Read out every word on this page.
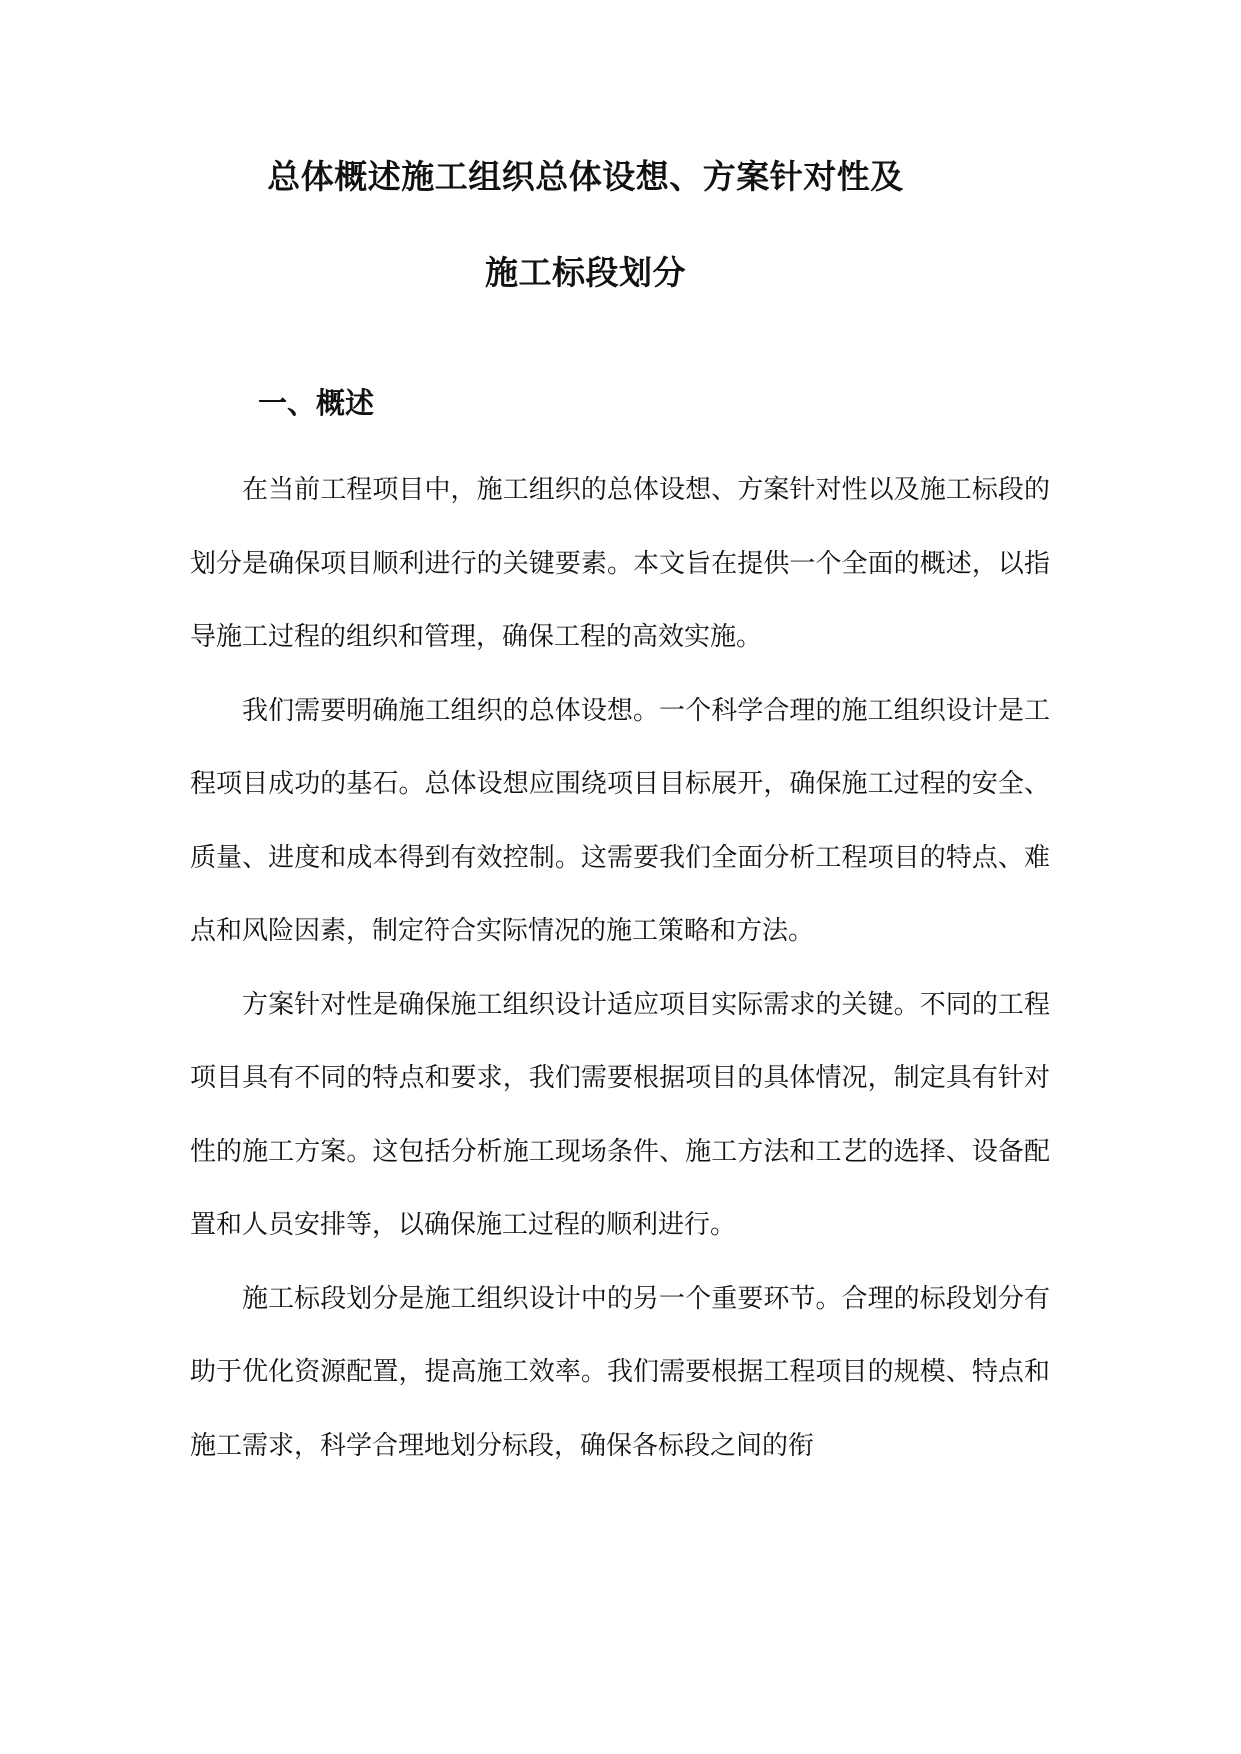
总体概述施工组织总体设想、方案针对性及
施工标段划分
一、概述

在当前工程项目中，施工组织的总体设想、方案针对性以及施工标段的划分是确保项目顺利进行的关键要素。本文旨在提供一个全面的概述，以指导施工过程的组织和管理，确保工程的高效实施。

我们需要明确施工组织的总体设想。一个科学合理的施工组织设计是工程项目成功的基石。总体设想应围绕项目目标展开，确保施工过程的安全、质量、进度和成本得到有效控制。这需要我们全面分析工程项目的特点、难点和风险因素，制定符合实际情况的施工策略和方法。

方案针对性是确保施工组织设计适应项目实际需求的关键。不同的工程项目具有不同的特点和要求，我们需要根据项目的具体情况，制定具有针对性的施工方案。这包括分析施工现场条件、施工方法和工艺的选择、设备配置和人员安排等，以确保施工过程的顺利进行。

施工标段划分是施工组织设计中的另一个重要环节。合理的标段划分有助于优化资源配置，提高施工效率。我们需要根据工程项目的规模、特点和施工需求，科学合理地划分标段，确保各标段之间的衔
